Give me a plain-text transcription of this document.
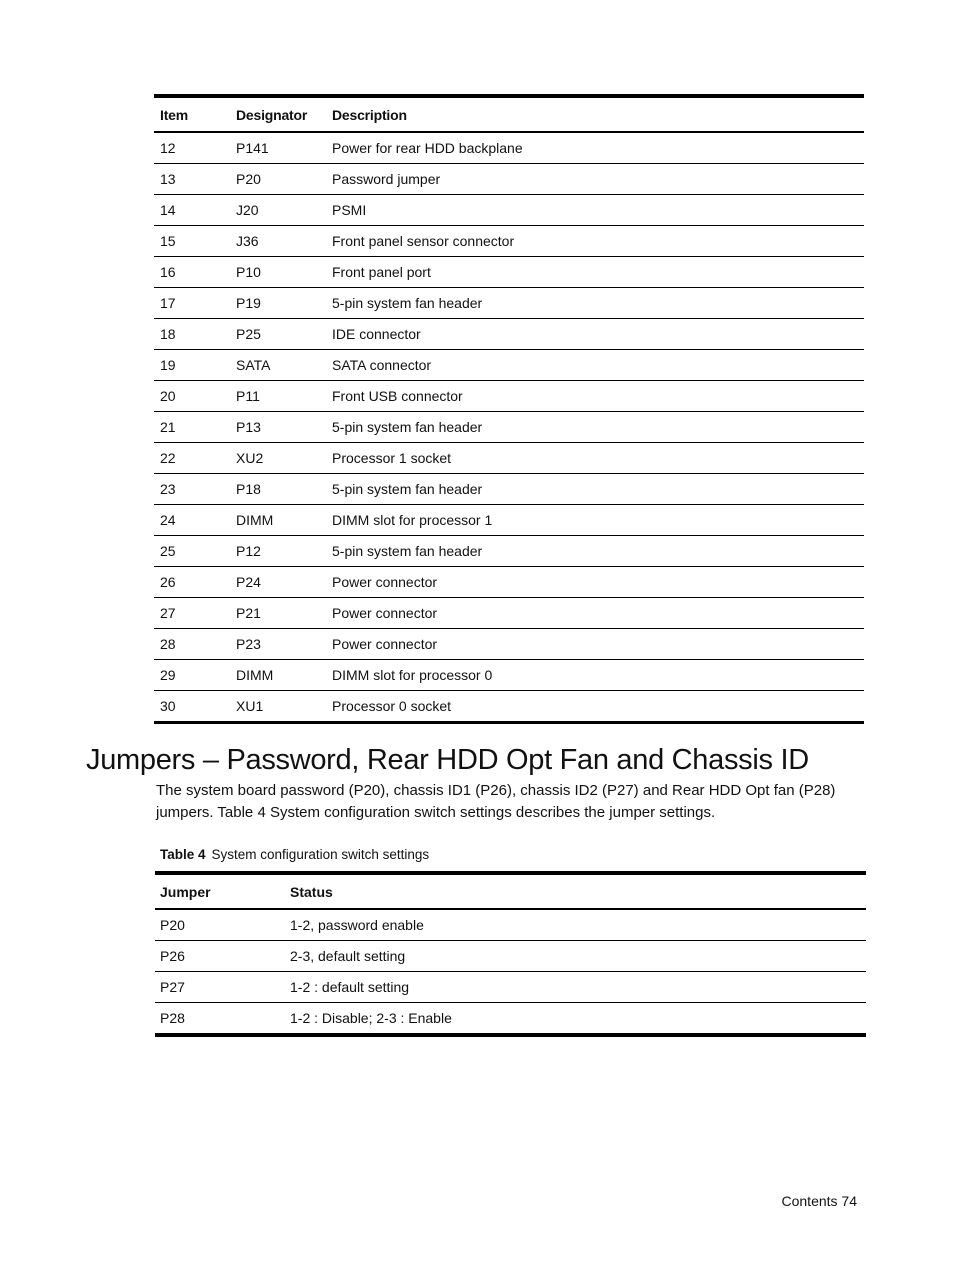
Item	Designator	Description
12	P141	Power for rear HDD backplane
13	P20	Password jumper
14	J20	PSMI
15	J36	Front panel sensor connector
16	P10	Front panel port
17	P19	5-pin system fan header
18	P25	IDE connector
19	SATA	SATA connector
20	P11	Front USB connector
21	P13	5-pin system fan header
22	XU2	Processor 1 socket
23	P18	5-pin system fan header
24	DIMM	DIMM slot for processor 1
25	P12	5-pin system fan header
26	P24	Power connector
27	P21	Power connector
28	P23	Power connector
29	DIMM	DIMM slot for processor 0
30	XU1	Processor 0 socket
Jumpers – Password, Rear HDD Opt Fan and Chassis ID

The system board password (P20), chassis ID1 (P26), chassis ID2 (P27) and Rear HDD Opt fan (P28) jumpers. Table 4 System configuration switch settings describes the jumper settings.

Table 4 System configuration switch settings
Jumper	Status
P20	1-2, password enable
P26	2-3, default setting
P27	1-2 : default setting
P28	1-2 : Disable; 2-3 : Enable
Contents 74
